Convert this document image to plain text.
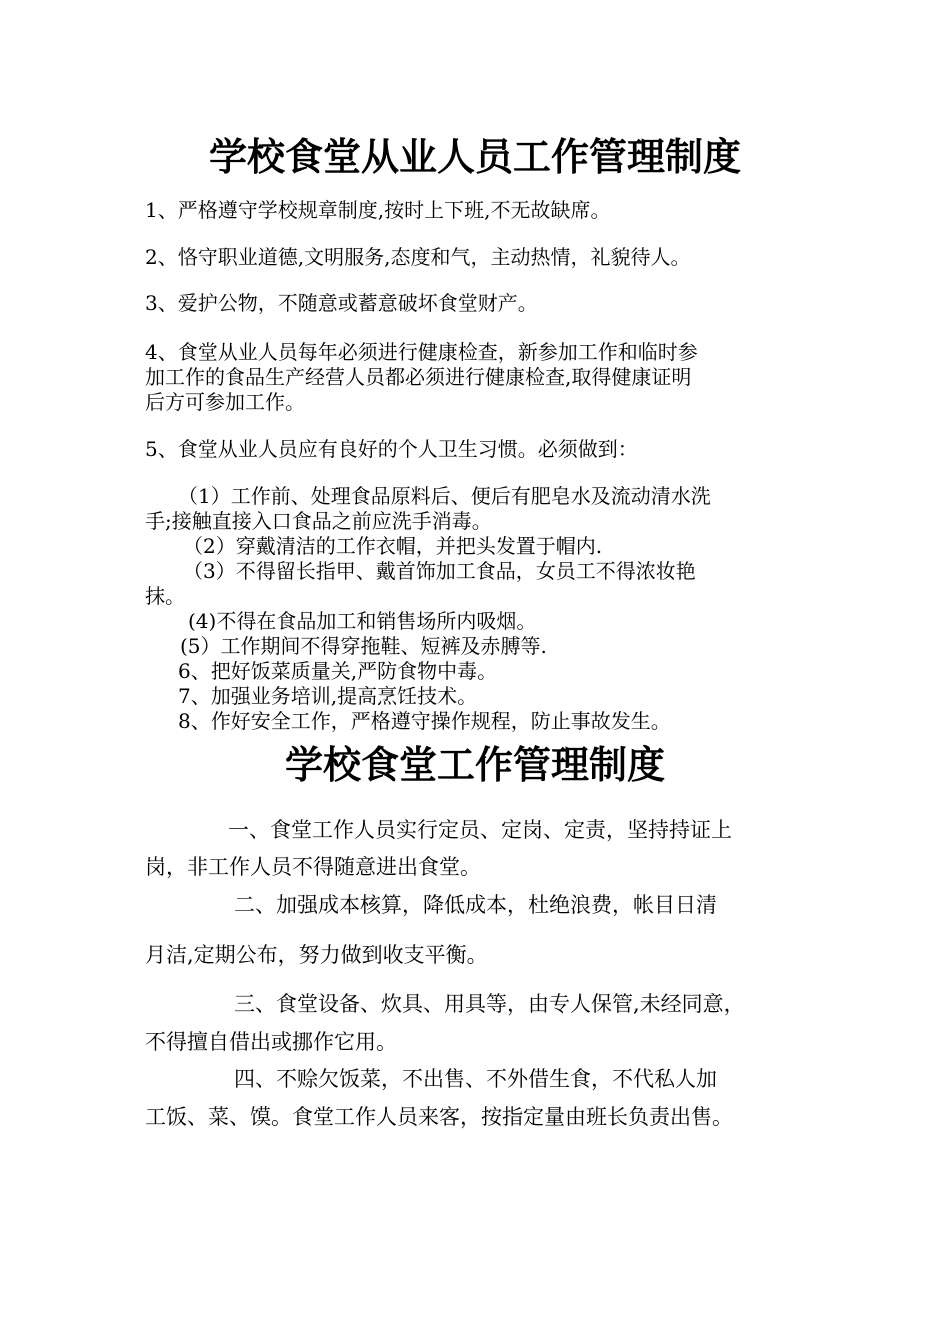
学校食堂从业人员工作管理制度
1、严格遵守学校规章制度,按时上下班,不无故缺席。
2、恪守职业道德,文明服务,态度和气，主动热情，礼貌待人。
3、爱护公物，不随意或蓄意破坏食堂财产。
4、食堂从业人员每年必须进行健康检查，新参加工作和临时参
加工作的食品生产经营人员都必须进行健康检查,取得健康证明
后方可参加工作。
5、食堂从业人员应有良好的个人卫生习惯。必须做到：
（1）工作前、处理食品原料后、便后有肥皂水及流动清水洗
手;接触直接入口食品之前应洗手消毒。
（2）穿戴清洁的工作衣帽，并把头发置于帽内.
（3）不得留长指甲、戴首饰加工食品，女员工不得浓妆艳
抹。
(4)不得在食品加工和销售场所内吸烟。
(5）工作期间不得穿拖鞋、短裤及赤膊等.
6、把好饭菜质量关,严防食物中毒。
7、加强业务培训,提高烹饪技术。
8、作好安全工作，严格遵守操作规程，防止事故发生。
学校食堂工作管理制度
一、食堂工作人员实行定员、定岗、定责，坚持持证上
岗，非工作人员不得随意进出食堂。
二、加强成本核算，降低成本，杜绝浪费，帐目日清
月洁,定期公布，努力做到收支平衡。
三、食堂设备、炊具、用具等，由专人保管,未经同意，
不得擅自借出或挪作它用。
四、不赊欠饭菜，不出售、不外借生食，不代私人加
工饭、菜、馍。食堂工作人员来客，按指定量由班长负责出售。
